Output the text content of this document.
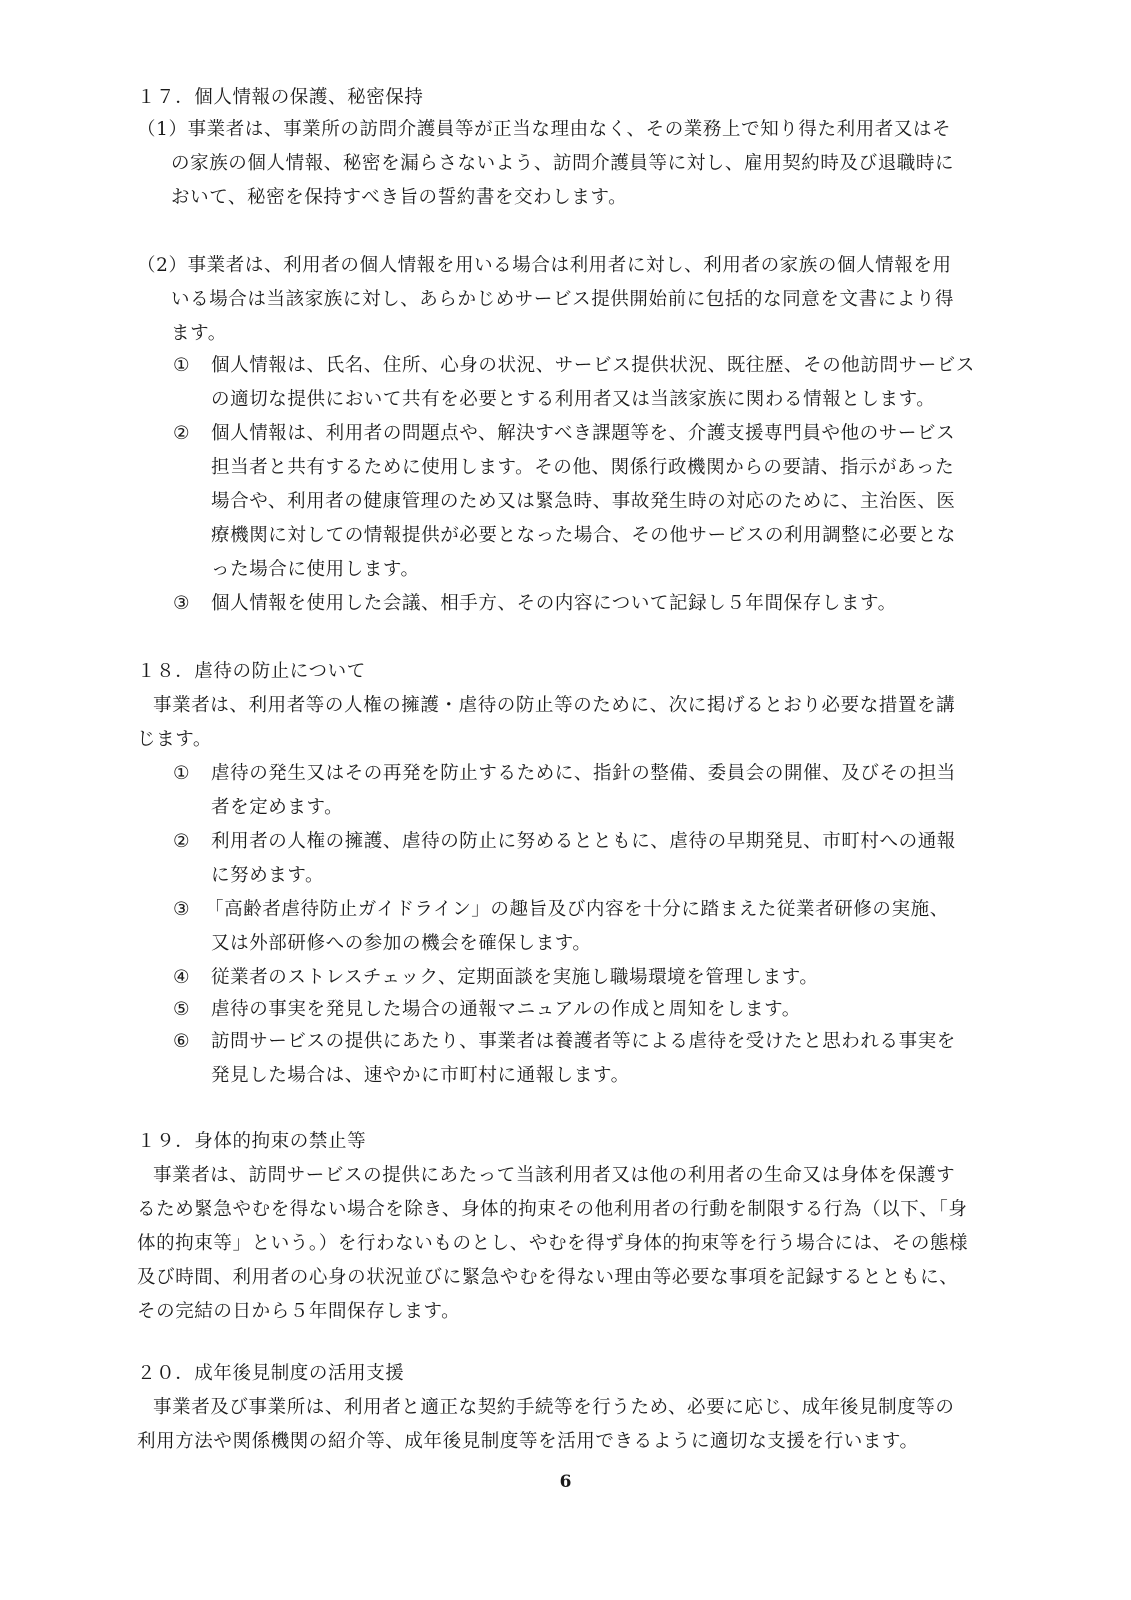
１７．個人情報の保護、秘密保持
（1）事業者は、事業所の訪問介護員等が正当な理由なく、その業務上で知り得た利用者又はそ
の家族の個人情報、秘密を漏らさないよう、訪問介護員等に対し、雇用契約時及び退職時に
おいて、秘密を保持すべき旨の誓約書を交わします。
（2）事業者は、利用者の個人情報を用いる場合は利用者に対し、利用者の家族の個人情報を用
いる場合は当該家族に対し、あらかじめサービス提供開始前に包括的な同意を文書により得
ます。
① 個人情報は、氏名、住所、心身の状況、サービス提供状況、既往歴、その他訪問サービス
の適切な提供において共有を必要とする利用者又は当該家族に関わる情報とします。
② 個人情報は、利用者の問題点や、解決すべき課題等を、介護支援専門員や他のサービス
担当者と共有するために使用します。その他、関係行政機関からの要請、指示があった
場合や、利用者の健康管理のため又は緊急時、事故発生時の対応のために、主治医、医
療機関に対しての情報提供が必要となった場合、その他サービスの利用調整に必要とな
った場合に使用します。
③ 個人情報を使用した会議、相手方、その内容について記録し５年間保存します。
１８．虐待の防止について
事業者は、利用者等の人権の擁護・虐待の防止等のために、次に掲げるとおり必要な措置を講
じます。
① 虐待の発生又はその再発を防止するために、指針の整備、委員会の開催、及びその担当
者を定めます。
② 利用者の人権の擁護、虐待の防止に努めるとともに、虐待の早期発見、市町村への通報
に努めます。
③ 「高齢者虐待防止ガイドライン」の趣旨及び内容を十分に踏まえた従業者研修の実施、
又は外部研修への参加の機会を確保します。
④ 従業者のストレスチェック、定期面談を実施し職場環境を管理します。
⑤ 虐待の事実を発見した場合の通報マニュアルの作成と周知をします。
⑥ 訪問サービスの提供にあたり、事業者は養護者等による虐待を受けたと思われる事実を
発見した場合は、速やかに市町村に通報します。
１９．身体的拘束の禁止等
事業者は、訪問サービスの提供にあたって当該利用者又は他の利用者の生命又は身体を保護す
るため緊急やむを得ない場合を除き、身体的拘束その他利用者の行動を制限する行為（以下、「身
体的拘束等」という。）を行わないものとし、やむを得ず身体的拘束等を行う場合には、その態様
及び時間、利用者の心身の状況並びに緊急やむを得ない理由等必要な事項を記録するとともに、
その完結の日から５年間保存します。
２０．成年後見制度の活用支援
事業者及び事業所は、利用者と適正な契約手続等を行うため、必要に応じ、成年後見制度等の
利用方法や関係機関の紹介等、成年後見制度等を活用できるように適切な支援を行います。
6
